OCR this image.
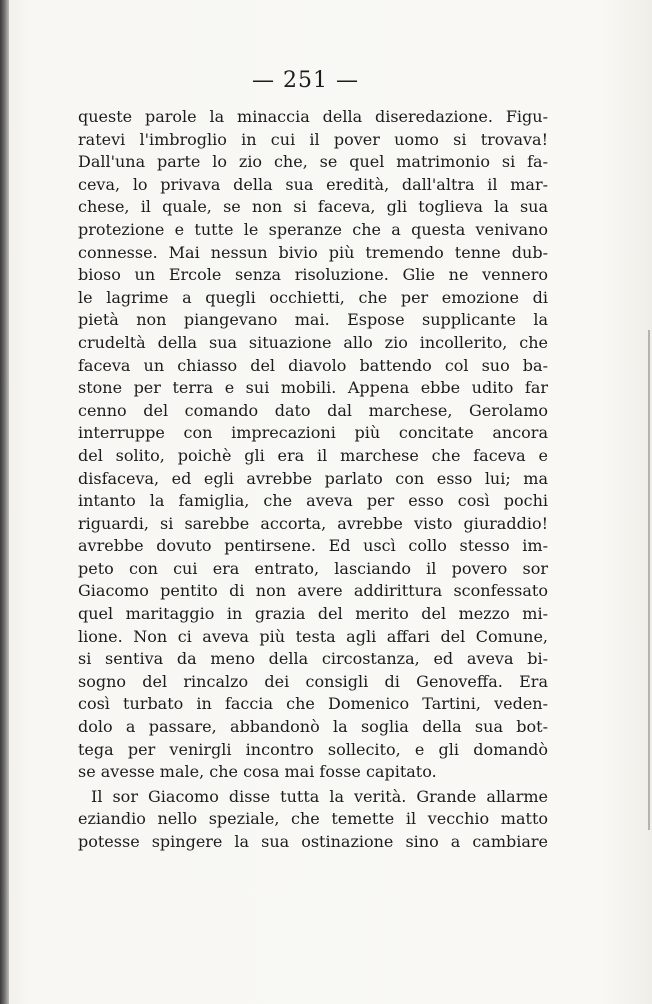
— 251 —
queste parole la minaccia della diseredazione. Figu-
ratevi l'imbroglio in cui il pover uomo si trovava!
Dall'una parte lo zio che, se quel matrimonio si fa-
ceva, lo privava della sua eredità, dall'altra il mar-
chese, il quale, se non si faceva, gli toglieva la sua
protezione e tutte le speranze che a questa venivano
connesse. Mai nessun bivio più tremendo tenne dub-
bioso un Ercole senza risoluzione. Glie ne vennero
le lagrime a quegli occhietti, che per emozione di
pietà non piangevano mai. Espose supplicante la
crudeltà della sua situazione allo zio incollerito, che
faceva un chiasso del diavolo battendo col suo ba-
stone per terra e sui mobili. Appena ebbe udito far
cenno del comando dato dal marchese, Gerolamo
interruppe con imprecazioni più concitate ancora
del solito, poichè gli era il marchese che faceva e
disfaceva, ed egli avrebbe parlato con esso lui; ma
intanto la famiglia, che aveva per esso così pochi
riguardi, si sarebbe accorta, avrebbe visto giuraddio!
avrebbe dovuto pentirsene. Ed uscì collo stesso im-
peto con cui era entrato, lasciando il povero sor
Giacomo pentito di non avere addirittura sconfessato
quel maritaggio in grazia del merito del mezzo mi-
lione. Non ci aveva più testa agli affari del Comune,
si sentiva da meno della circostanza, ed aveva bi-
sogno del rincalzo dei consigli di Genoveffa. Era
così turbato in faccia che Domenico Tartini, veden-
dolo a passare, abbandonò la soglia della sua bot-
tega per venirgli incontro sollecito, e gli domandò
se avesse male, che cosa mai fosse capitato.
Il sor Giacomo disse tutta la verità. Grande allarme
eziandio nello speziale, che temette il vecchio matto
potesse spingere la sua ostinazione sino a cambiare
